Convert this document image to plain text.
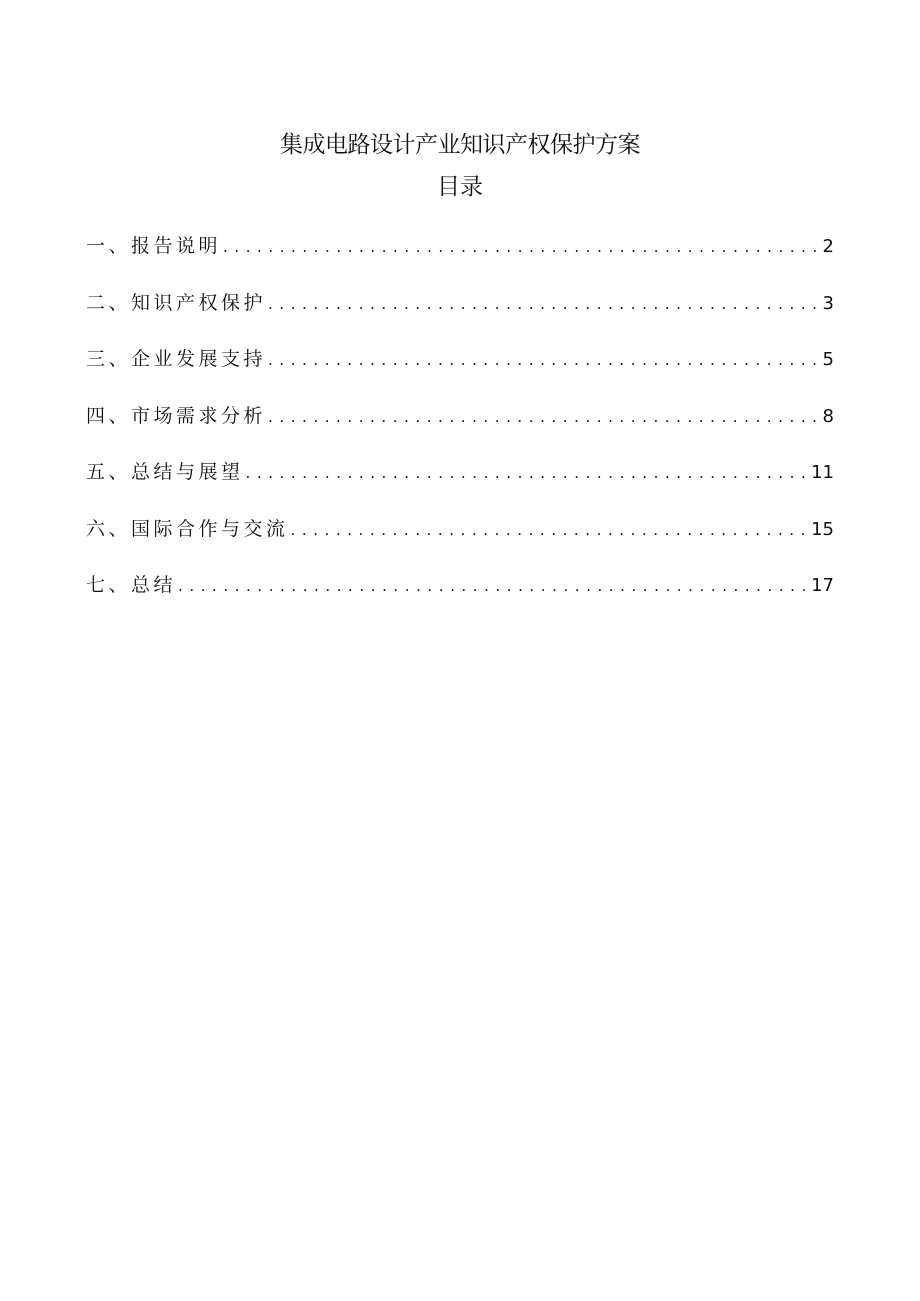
集成电路设计产业知识产权保护方案
目录
一、报告说明 . . .	2
二、知识产权保护 . . .	3
三、企业发展支持 . . .	5
四、市场需求分析 . . .	8
五、总结与展望 . . .	11
六、国际合作与交流 . . .	15
七、总结 . . .	17
